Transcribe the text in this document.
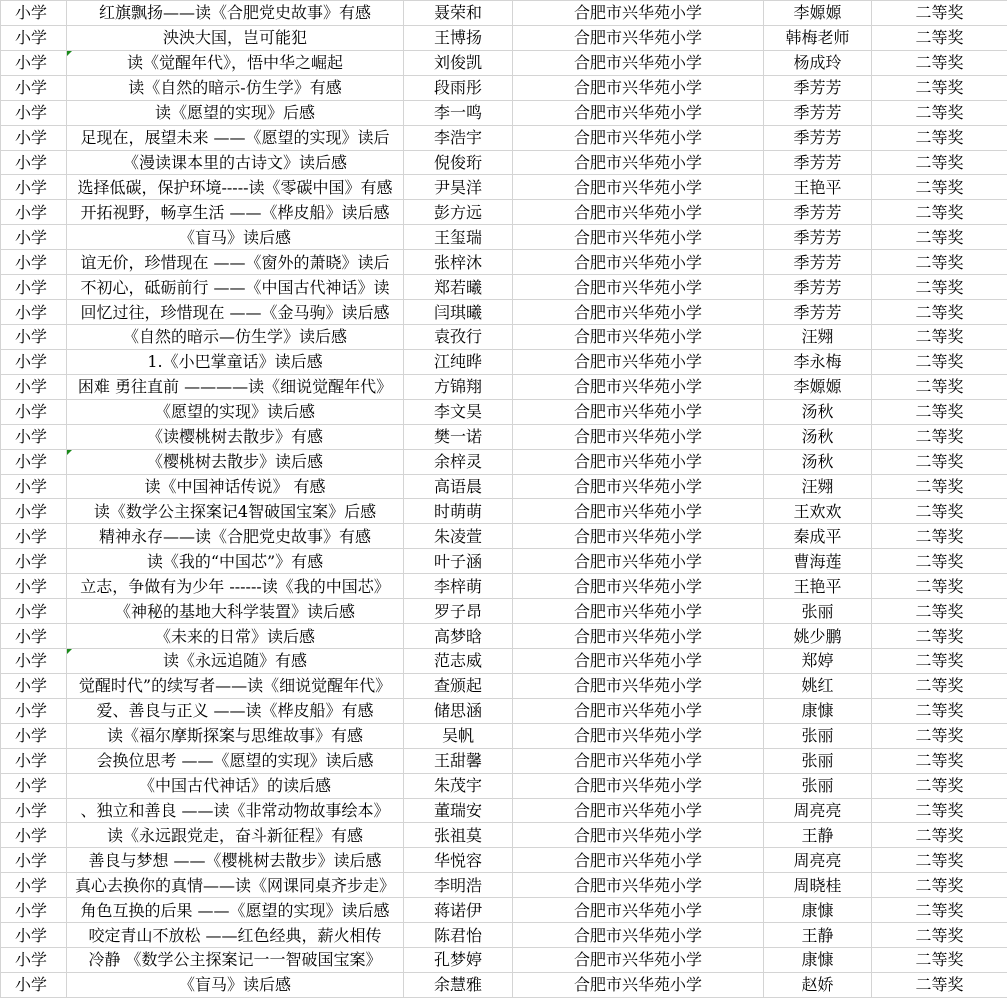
小学	红旗飘扬——读《合肥党史故事》有感	聂荣和	合肥市兴华苑小学	李嫄嫄	二等奖
小学	泱泱大国，岂可能犯	王博扬	合肥市兴华苑小学	韩梅老师	二等奖
小学	读《觉醒年代》，悟中华之崛起	刘俊凯	合肥市兴华苑小学	杨成玲	二等奖
小学	读《自然的暗示-仿生学》有感	段雨彤	合肥市兴华苑小学	季芳芳	二等奖
小学	读《愿望的实现》后感	李一鸣	合肥市兴华苑小学	季芳芳	二等奖
小学	足现在，展望未来 ——《愿望的实现》读后	李浩宇	合肥市兴华苑小学	季芳芳	二等奖
小学	《漫读课本里的古诗文》读后感	倪俊珩	合肥市兴华苑小学	季芳芳	二等奖
小学	选择低碳，保护环境-----读《零碳中国》有感	尹昊洋	合肥市兴华苑小学	王艳平	二等奖
小学	开拓视野，畅享生活 ——《桦皮船》读后感	彭方远	合肥市兴华苑小学	季芳芳	二等奖
小学	《盲马》读后感	王玺瑞	合肥市兴华苑小学	季芳芳	二等奖
小学	谊无价，珍惜现在 ——《窗外的萧晓》读后	张梓沐	合肥市兴华苑小学	季芳芳	二等奖
小学	不初心，砥砺前行 ——《中国古代神话》读	郑若曦	合肥市兴华苑小学	季芳芳	二等奖
小学	回忆过往，珍惜现在 ——《金马驹》读后感	闫琪曦	合肥市兴华苑小学	季芳芳	二等奖
小学	《自然的暗示—仿生学》读后感	袁孜行	合肥市兴华苑小学	汪翙	二等奖
小学	1.《小巴掌童话》读后感	江纯晔	合肥市兴华苑小学	李永梅	二等奖
小学	困难 勇往直前 ————读《细说觉醒年代》	方锦翔	合肥市兴华苑小学	李嫄嫄	二等奖
小学	《愿望的实现》读后感	李文昊	合肥市兴华苑小学	汤秋	二等奖
小学	《读樱桃树去散步》有感	樊一诺	合肥市兴华苑小学	汤秋	二等奖
小学	《樱桃树去散步》读后感	余梓灵	合肥市兴华苑小学	汤秋	二等奖
小学	读《中国神话传说》 有感	高语晨	合肥市兴华苑小学	汪翙	二等奖
小学	读《数学公主探案记4智破国宝案》后感	时萌萌	合肥市兴华苑小学	王欢欢	二等奖
小学	精神永存——读《合肥党史故事》有感	朱凌萱	合肥市兴华苑小学	秦成平	二等奖
小学	读《我的“中国芯”》有感	叶子涵	合肥市兴华苑小学	曹海莲	二等奖
小学	立志，争做有为少年 ------读《我的中国芯》	李梓萌	合肥市兴华苑小学	王艳平	二等奖
小学	《神秘的基地大科学装置》读后感	罗子昂	合肥市兴华苑小学	张丽	二等奖
小学	《未来的日常》读后感	高梦晗	合肥市兴华苑小学	姚少鹏	二等奖
小学	读《永远追随》有感	范志威	合肥市兴华苑小学	郑婷	二等奖
小学	觉醒时代”的续写者——读《细说觉醒年代》	查颁起	合肥市兴华苑小学	姚红	二等奖
小学	爱、善良与正义 ——读《桦皮船》有感	储思涵	合肥市兴华苑小学	康慷	二等奖
小学	读《福尔摩斯探案与思维故事》有感	吴帆	合肥市兴华苑小学	张丽	二等奖
小学	会换位思考 ——《愿望的实现》读后感	王甜馨	合肥市兴华苑小学	张丽	二等奖
小学	《中国古代神话》的读后感	朱茂宇	合肥市兴华苑小学	张丽	二等奖
小学	、独立和善良 ——读《非常动物故事绘本》	董瑞安	合肥市兴华苑小学	周亮亮	二等奖
小学	读《永远跟党走，奋斗新征程》有感	张祖莫	合肥市兴华苑小学	王静	二等奖
小学	善良与梦想 ——《樱桃树去散步》读后感	华悦容	合肥市兴华苑小学	周亮亮	二等奖
小学	真心去换你的真情——读《网课同桌齐步走》	李明浩	合肥市兴华苑小学	周晓桂	二等奖
小学	角色互换的后果 ——《愿望的实现》读后感	蒋诺伊	合肥市兴华苑小学	康慷	二等奖
小学	咬定青山不放松 ——红色经典，薪火相传	陈君怡	合肥市兴华苑小学	王静	二等奖
小学	冷静 《数学公主探案记一一智破国宝案》	孔梦婷	合肥市兴华苑小学	康慷	二等奖
小学	《盲马》读后感	余慧雅	合肥市兴华苑小学	赵娇	二等奖
